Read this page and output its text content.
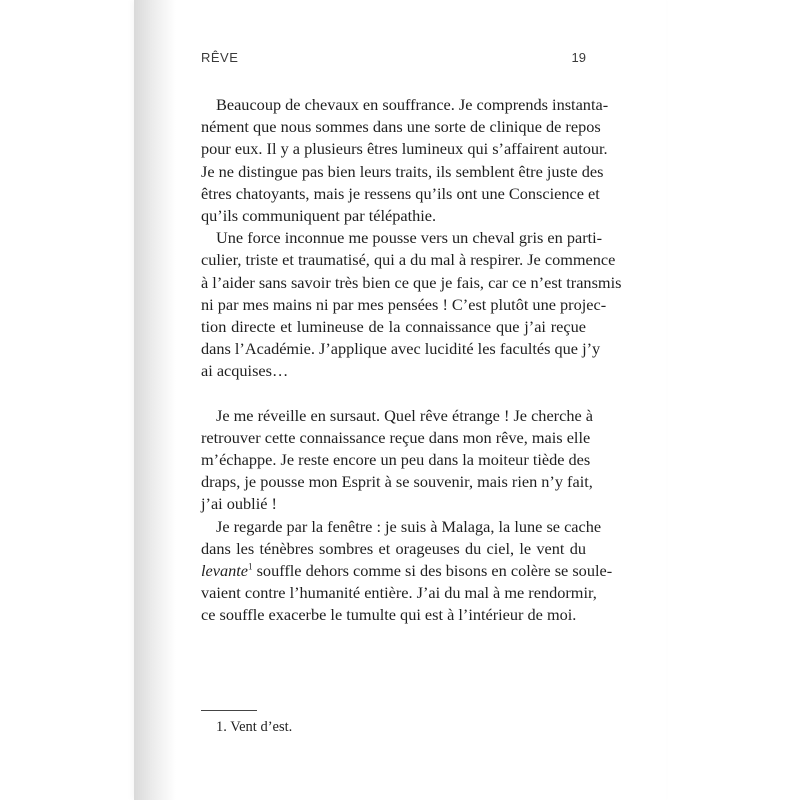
RÊVE	19
Beaucoup de chevaux en souffrance. Je comprends instanta-
nément que nous sommes dans une sorte de clinique de repos
pour eux. Il y a plusieurs êtres lumineux qui s’affairent autour.
Je ne distingue pas bien leurs traits, ils semblent être juste des
êtres chatoyants, mais je ressens qu’ils ont une Conscience et
qu’ils communiquent par télépathie.
Une force inconnue me pousse vers un cheval gris en parti-
culier, triste et traumatisé, qui a du mal à respirer. Je commence
à l’aider sans savoir très bien ce que je fais, car ce n’est transmis
ni par mes mains ni par mes pensées ! C’est plutôt une projec-
tion directe et lumineuse de la connaissance que j’ai reçue
dans l’Académie. J’applique avec lucidité les facultés que j’y
ai acquises…
Je me réveille en sursaut. Quel rêve étrange ! Je cherche à
retrouver cette connaissance reçue dans mon rêve, mais elle
m’échappe. Je reste encore un peu dans la moiteur tiède des
draps, je pousse mon Esprit à se souvenir, mais rien n’y fait,
j’ai oublié !
Je regarde par la fenêtre : je suis à Malaga, la lune se cache
dans les ténèbres sombres et orageuses du ciel, le vent du
levante$^1$ souffle dehors comme si des bisons en colère se soule-
vaient contre l’humanité entière. J’ai du mal à me rendormir,
ce souffle exacerbe le tumulte qui est à l’intérieur de moi.
1. Vent d’est.
